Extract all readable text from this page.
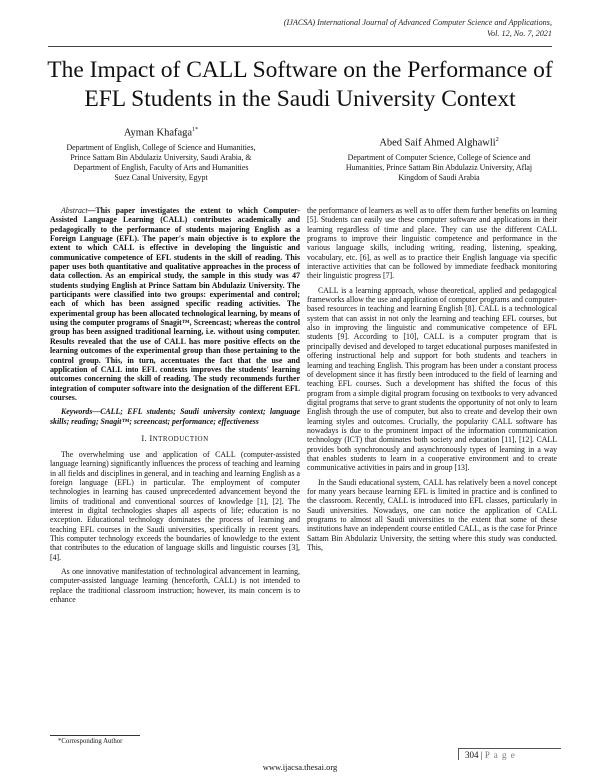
(IJACSA) International Journal of Advanced Computer Science and Applications,
Vol. 12, No. 7, 2021
The Impact of CALL Software on the Performance of
EFL Students in the Saudi University Context
Ayman Khafaga$^{1*}$
Department of English, College of Science and Humanities,
Prince Sattam Bin Abdulaziz University, Saudi Arabia, &
Department of English, Faculty of Arts and Humanities
Suez Canal University, Egypt
Abed Saif Ahmed Alghawli$^2$
Department of Computer Science, College of Science and
Humanities, Prince Sattam Bin Abdulaziz University, Aflaj
Kingdom of Saudi Arabia

Abstract—This paper investigates the extent to which Computer-Assisted Language Learning (CALL) contributes academically and pedagogically to the performance of students majoring English as a Foreign Language (EFL). The paper's main objective is to explore the extent to which CALL is effective in developing the linguistic and communicative competence of EFL students in the skill of reading. This paper uses both quantitative and qualitative approaches in the process of data collection. As an empirical study, the sample in this study was 47 students studying English at Prince Sattam bin Abdulaziz University. The participants were classified into two groups: experimental and control; each of which has been assigned specific reading activities. The experimental group has been allocated technological learning, by means of using the computer programs of Snagit™, Screencast; whereas the control group has been assigned traditional learning, i.e. without using computer. Results revealed that the use of CALL has more positive effects on the learning outcomes of the experimental group than those pertaining to the control group. This, in turn, accentuates the fact that the use and application of CALL into EFL contexts improves the students' learning outcomes concerning the skill of reading. The study recommends further integration of computer software into the designation of the different EFL courses.

Keywords—CALL; EFL students; Saudi university context; language skills; reading; Snagit™; screencast; performance; effectiveness

I. INTRODUCTION

The overwhelming use and application of CALL (computer-assisted language learning) significantly influences the process of teaching and learning in all fields and disciplines in general, and in teaching and learning English as a foreign language (EFL) in particular. The employment of computer technologies in learning has caused unprecedented advancement beyond the limits of traditional and conventional sources of knowledge [1], [2]. The interest in digital technologies shapes all aspects of life; education is no exception. Educational technology dominates the process of learning and teaching EFL courses in the Saudi universities, specifically in recent years. This computer technology exceeds the boundaries of knowledge to the extent that contributes to the education of language skills and linguistic courses [3], [4].

As one innovative manifestation of technological advancement in learning, computer-assisted language learning (henceforth, CALL) is not intended to replace the traditional classroom instruction; however, its main concern is to enhance

the performance of learners as well as to offer them further benefits on learning [5]. Students can easily use these computer software and applications in their learning regardless of time and place. They can use the different CALL programs to improve their linguistic competence and performance in the various language skills, including writing, reading, listening, speaking, vocabulary, etc. [6], as well as to practice their English language via specific interactive activities that can be followed by immediate feedback monitoring their linguistic progress [7].

CALL is a learning approach, whose theoretical, applied and pedagogical frameworks allow the use and application of computer programs and computer-based resources in teaching and learning English [8]. CALL is a technological system that can assist in not only the learning and teaching EFL courses, but also in improving the linguistic and communicative competence of EFL students [9]. According to [10], CALL is a computer program that is principally devised and developed to target educational purposes manifested in offering instructional help and support for both students and teachers in learning and teaching English. This program has been under a constant process of development since it has firstly been introduced to the field of learning and teaching EFL courses. Such a development has shifted the focus of this program from a simple digital program focusing on textbooks to very advanced digital programs that serve to grant students the opportunity of not only to learn English through the use of computer, but also to create and develop their own learning styles and outcomes. Crucially, the popularity CALL software has nowadays is due to the prominent impact of the information communication technology (ICT) that dominates both society and education [11], [12]. CALL provides both synchronously and asynchronously types of learning in a way that enables students to learn in a cooperative environment and to create communicative activities in pairs and in group [13].

In the Saudi educational system, CALL has relatively been a novel concept for many years because learning EFL is limited in practice and is confined to the classroom. Recently, CALL is introduced into EFL classes, particularly in Saudi universities. Nowadays, one can notice the application of CALL programs to almost all Saudi universities to the extent that some of these institutions have an independent course entitled CALL, as is the case for Prince Sattam Bin Abdulaziz University, the setting where this study was conducted. This,

*Corresponding Author
304 | P a g e
www.ijacsa.thesai.org
